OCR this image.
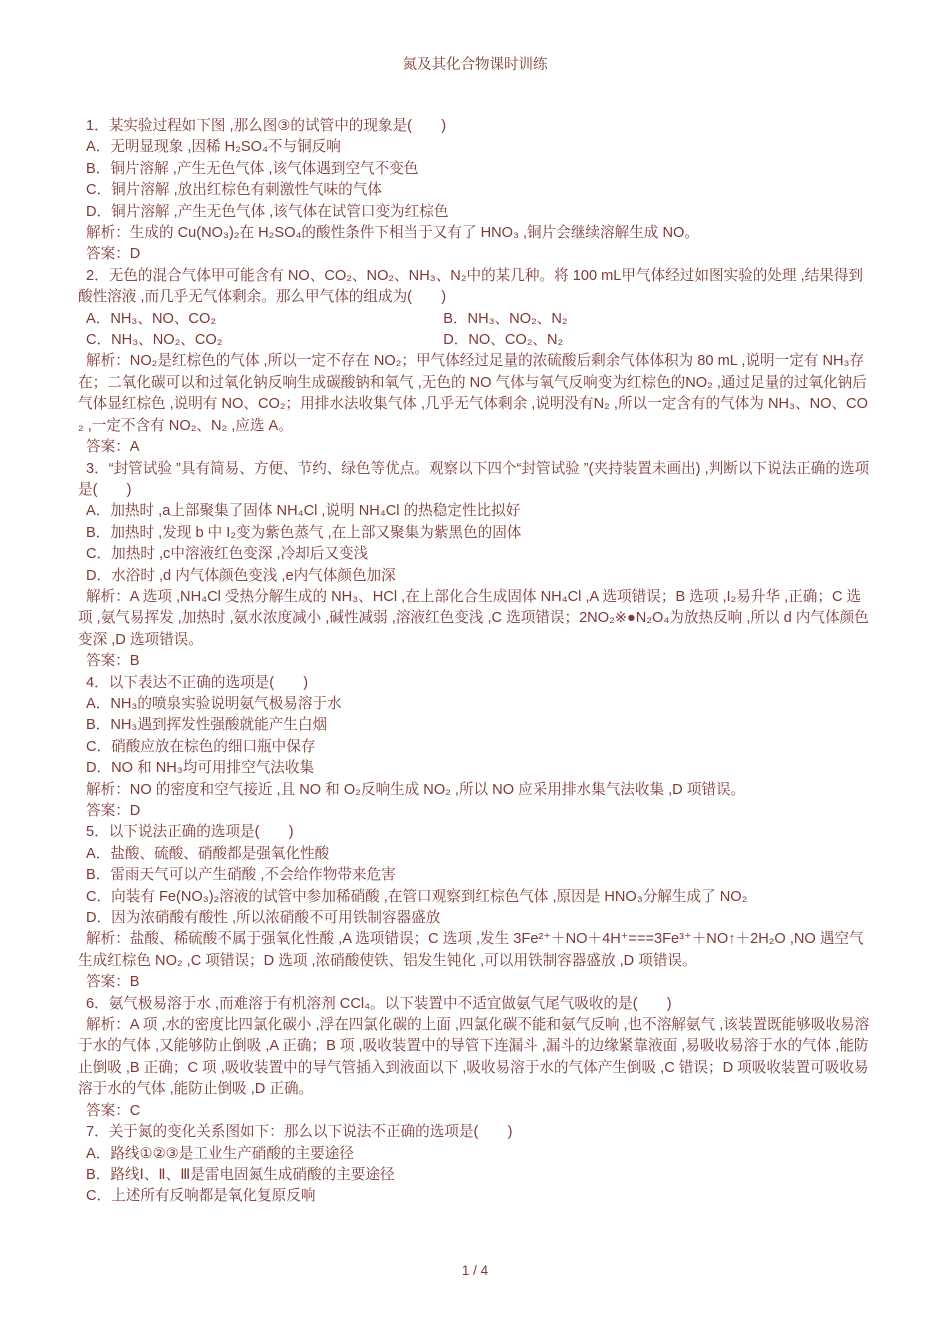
氮及其化合物课时训练
1．某实验过程如下图 ,那么图③的试管中的现象是(　　)
A．无明显现象 ,因稀 H₂SO₄不与铜反响
B．铜片溶解 ,产生无色气体 ,该气体遇到空气不变色
C．铜片溶解 ,放出红棕色有刺激性气味的气体
D．铜片溶解 ,产生无色气体 ,该气体在试管口变为红棕色
解析：生成的 Cu(NO₃)₂在 H₂SO₄的酸性条件下相当于又有了 HNO₃ ,铜片会继续溶解生成 NO。
答案：D
2．无色的混合气体甲可能含有 NO、CO₂、NO₂、NH₃、N₂中的某几种。将 100 mL甲气体经过如图实验的处理 ,结果得到酸性溶液 ,而几乎无气体剩余。那么甲气体的组成为(　　)
A．NH₃、NO、CO₂	B．NH₃、NO₂、N₂
C．NH₃、NO₂、CO₂	D．NO、CO₂、N₂
解析：NO₂是红棕色的气体 ,所以一定不存在 NO₂；甲气体经过足量的浓硫酸后剩余气体体积为 80 mL ,说明一定有 NH₃存在；二氧化碳可以和过氧化钠反响生成碳酸钠和氧气 ,无色的 NO 气体与氧气反响变为红棕色的NO₂ ,通过足量的过氧化钠后气体显红棕色 ,说明有 NO、CO₂；用排水法收集气体 ,几乎无气体剩余 ,说明没有N₂ ,所以一定含有的气体为 NH₃、NO、CO₂ ,一定不含有 NO₂、N₂ ,应选 A。
答案：A
3．“封管试验 ”具有简易、方便、节约、绿色等优点。观察以下四个“封管试验 ”(夹持装置未画出) ,判断以下说法正确的选项是(　　)
A．加热时 ,a上部聚集了固体 NH₄Cl ,说明 NH₄Cl 的热稳定性比拟好
B．加热时 ,发现 b 中 I₂变为紫色蒸气 ,在上部又聚集为紫黑色的固体
C．加热时 ,c中溶液红色变深 ,冷却后又变浅
D．水浴时 ,d 内气体颜色变浅 ,e内气体颜色加深
解析：A 选项 ,NH₄Cl 受热分解生成的 NH₃、HCl ,在上部化合生成固体 NH₄Cl ,A 选项错误；B 选项 ,I₂易升华 ,正确；C 选项 ,氨气易挥发 ,加热时 ,氨水浓度减小 ,碱性减弱 ,溶液红色变浅 ,C 选项错误；2NO₂※●N₂O₄为放热反响 ,所以 d 内气体颜色变深 ,D 选项错误。
答案：B
4．以下表达不正确的选项是(　　)
A．NH₃的喷泉实验说明氨气极易溶于水
B．NH₃遇到挥发性强酸就能产生白烟
C．硝酸应放在棕色的细口瓶中保存
D．NO 和 NH₃均可用排空气法收集
解析：NO 的密度和空气接近 ,且 NO 和 O₂反响生成 NO₂ ,所以 NO 应采用排水集气法收集 ,D 项错误。
答案：D
5．以下说法正确的选项是(　　)
A．盐酸、硫酸、硝酸都是强氧化性酸
B．雷雨天气可以产生硝酸 ,不会给作物带来危害
C．向装有 Fe(NO₃)₂溶液的试管中参加稀硝酸 ,在管口观察到红棕色气体 ,原因是 HNO₃分解生成了 NO₂
D．因为浓硝酸有酸性 ,所以浓硝酸不可用铁制容器盛放
解析：盐酸、稀硫酸不属于强氧化性酸 ,A 选项错误；C 选项 ,发生 3Fe²⁺＋NO＋4H⁺===3Fe³⁺＋NO↑＋2H₂O ,NO 遇空气生成红棕色 NO₂ ,C 项错误；D 选项 ,浓硝酸使铁、铝发生钝化 ,可以用铁制容器盛放 ,D 项错误。
答案：B
6．氨气极易溶于水 ,而难溶于有机溶剂 CCl₄。以下装置中不适宜做氨气尾气吸收的是(　　)
解析：A 项 ,水的密度比四氯化碳小 ,浮在四氯化碳的上面 ,四氯化碳不能和氨气反响 ,也不溶解氨气 ,该装置既能够吸收易溶于水的气体 ,又能够防止倒吸 ,A 正确；B 项 ,吸收装置中的导管下连漏斗 ,漏斗的边缘紧靠液面 ,易吸收易溶于水的气体 ,能防止倒吸 ,B 正确；C 项 ,吸收装置中的导气管插入到液面以下 ,吸收易溶于水的气体产生倒吸 ,C 错误；D 项吸收装置可吸收易溶于水的气体 ,能防止倒吸 ,D 正确。
答案：C
7．关于氮的变化关系图如下：那么以下说法不正确的选项是(　　)
A．路线①②③是工业生产硝酸的主要途径
B．路线Ⅰ、Ⅱ、Ⅲ是雷电固氮生成硝酸的主要途径
C．上述所有反响都是氧化复原反响
1 / 4
